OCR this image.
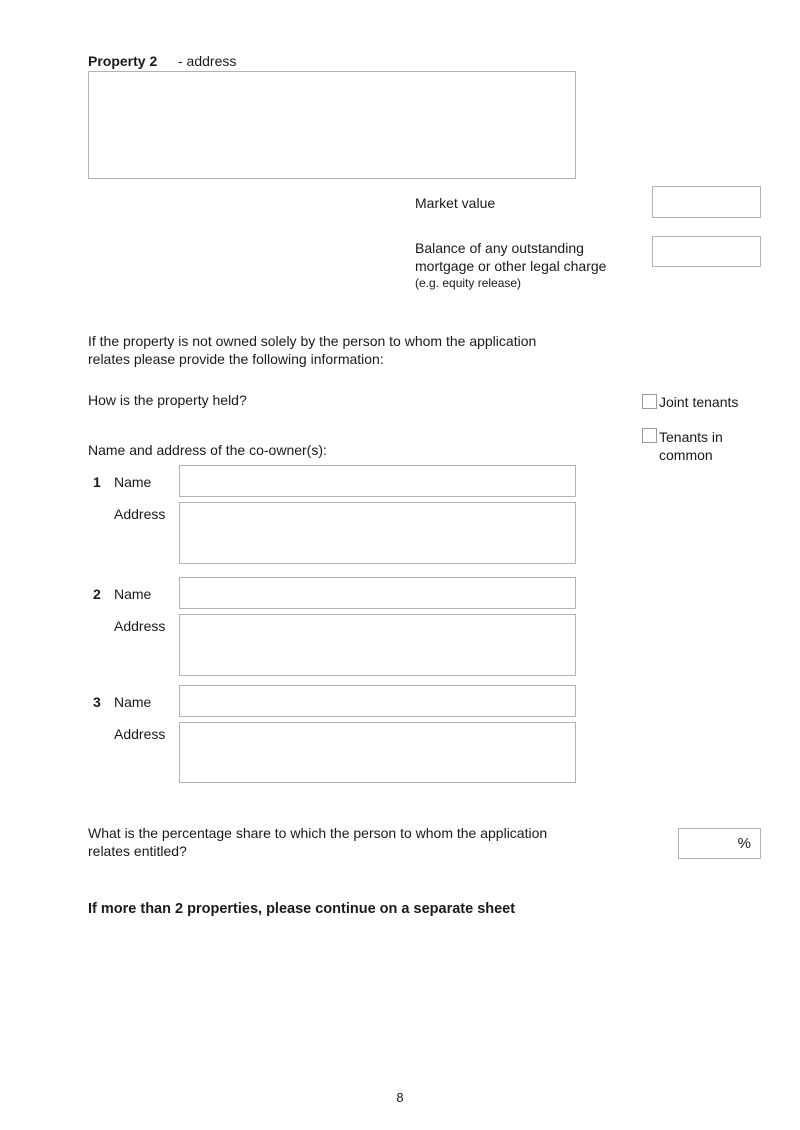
Property 2 - address
Market value
Balance of any outstanding
mortgage or other legal charge
(e.g. equity release)
If the property is not owned solely by the person to whom the application
relates please provide the following information:
How is the property held?	Joint tenants
Tenants in
common
Name and address of the co-owner(s):
1 Name
Address
2 Name
Address
3 Name
Address
What is the percentage share to which the person to whom the application
relates entitled?	%
If more than 2 properties, please continue on a separate sheet
8
